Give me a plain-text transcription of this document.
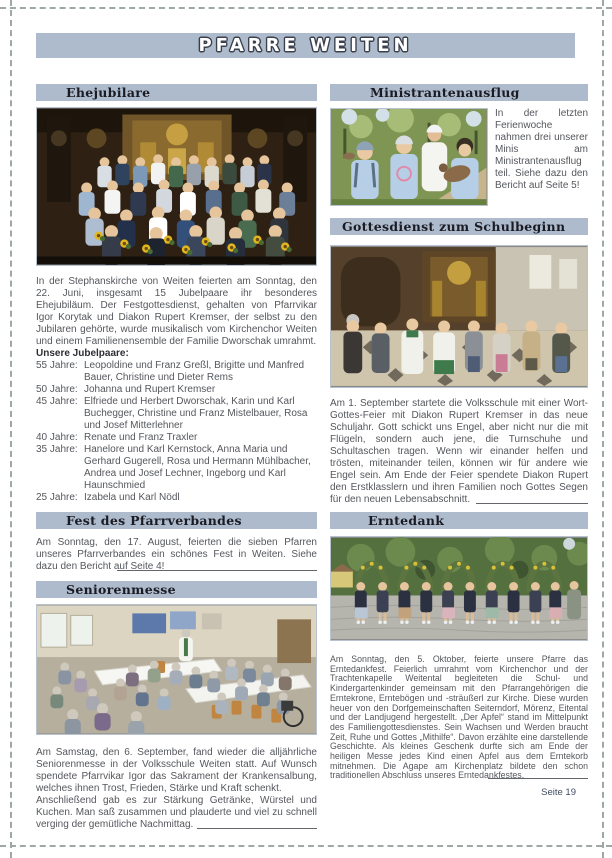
PFARRE WEITEN
Ehejubilare

In der Stephanskirche von Weiten feierten am Sonntag, den 22. Juni, insgesamt 15 Jubelpaare ihr besonderes Ehejubiläum. Der Festgottesdienst, gehalten von Pfarrvikar Igor Korytak und Diakon Rupert Kremser, der selbst zu den Jubilaren gehörte, wurde musikalisch vom Kirchenchor Weiten und einem Familienensemble der Familie Dworschak umrahmt.

Unsere Jubelpaare:
55 Jahre: Leopoldine und Franz Greßl, Brigitte und Manfred Bauer, Christine und Dieter Rems
50 Jahre: Johanna und Rupert Kremser
45 Jahre: Elfriede und Herbert Dworschak, Karin und Karl Buchegger, Christine und Franz Mistelbauer, Rosa und Josef Mitterlehner
40 Jahre: Renate und Franz Traxler
35 Jahre: Hanelore und Karl Kernstock, Anna Maria und Gerhard Gugerell, Rosa und Hermann Mühlbacher, Andrea und Josef Lechner, Ingeborg und Karl Haunschmied
25 Jahre: Izabela und Karl Nödl
Fest des Pfarrverbandes

Am Sonntag, den 17. August, feierten die sieben Pfarren unseres Pfarrverbandes ein schönes Fest in Weiten. Siehe dazu den Bericht auf Seite 4!

Seniorenmesse

Am Samstag, den 6. September, fand wieder die alljährliche Seniorenmesse in der Volksschule Weiten statt. Auf Wunsch spendete Pfarrvikar Igor das Sakrament der Krankensalbung, welches ihnen Trost, Frieden, Stärke und Kraft schenkt.

Anschließend gab es zur Stärkung Getränke, Würstel und Kuchen. Man saß zusammen und plauderte und viel zu schnell verging der gemütliche Nachmittag.

Ministrantenausflug

In der letzten Ferienwoche nahmen drei unserer Minis am Ministrantenausflug teil. Siehe dazu den Bericht auf Seite 5!

Gottesdienst zum Schulbeginn

Am 1. September startete die Volksschule mit einer Wort-Gottes-Feier mit Diakon Rupert Kremser in das neue Schuljahr. Gott schickt uns Engel, aber nicht nur die mit Flügeln, sondern auch jene, die Turnschuhe und Schultaschen tragen. Wenn wir einander helfen und trösten, miteinander teilen, können wir für andere wie Engel sein. Am Ende der Feier spendete Diakon Rupert den Erstklasslern und ihren Familien noch Gottes Segen für den neuen Lebensabschnitt.

Erntedank

Am Sonntag, den 5. Oktober, feierte unsere Pfarre das Erntedankfest. Feierlich umrahmt vom Kirchenchor und der Trachtenkapelle Weitental begleiteten die Schul- und Kindergartenkinder gemeinsam mit den Pfarrangehörigen die Erntekrone, Erntebögen und -sträußerl zur Kirche. Diese wurden heuer von den Dorfgemeinschaften Seiterndorf, Mörenz, Eitental und der Landjugend hergestellt. „Der Apfel“ stand im Mittelpunkt des Familiengottesdienstes. Sein Wachsen und Werden braucht Zeit, Ruhe und Gottes „Mithilfe“. Davon erzählte eine darstellende Geschichte. Als kleines Geschenk durfte sich am Ende der heiligen Messe jedes Kind einen Apfel aus dem Erntekorb mitnehmen. Die Agape am Kirchenplatz bildete den schon traditionellen Abschluss unseres Erntedankfestes.

Seite 19
